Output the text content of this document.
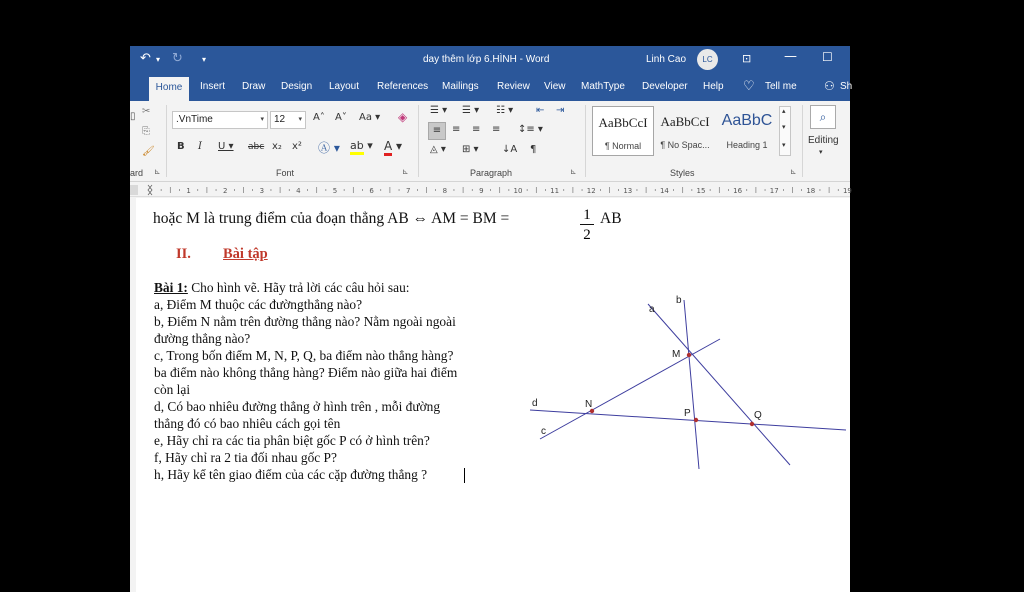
↶ ▾ ↻ ▾	day thêm lớp 6.HÌNH - Word	Linh Cao	LC	⊡	— ☐
Home	Insert Draw Design Layout References Mailings Review View MathType Developer Help ♡ Tell me ⚇ Sh
✂
⎘
🖌
▯
ard ⊾
.VnTime	▾	12 ▾ A˄ A˅ Aa ▾ ◈
B I U ▾ abc x₂ x² Ⓐ ▾ ab ▾ A ▾
Font	⊾
☰ ▾ ☰ ▾ ☷ ▾ ⇤ ⇥
≡	≡ ≡ ≡ ↕≡ ▾
◬ ▾ ⊞ ▾ ↓A ¶
Paragraph	⊾
AaBbCcI
¶ Normal
AaBbCcI
¶ No Spac...
AaBbC
Heading 1
▴
▾
▾
Styles	⊾
⌕
Editing
▾
1	2	3	4	5	6	7	8	9	10	11	12	13	14	15	16	17	18	19
hoặc M là trung điểm của đoạn thẳng AB ⇔ AM = BM =	AB
II. Bài tập
Bài 1: Cho hình vẽ. Hãy trả lời các câu hỏi sau:
a, Điểm M thuộc các đườngthẳng nào?
b, Điểm N nằm trên đường thẳng nào? Nằm ngoài ngoài
đường thẳng nào?
c, Trong bốn điểm M, N, P, Q, ba điểm nào thẳng hàng?
ba điểm nào không thẳng hàng? Điểm nào giữa hai điểm
còn lại
d, Có bao nhiêu đường thẳng ở hình trên , mỗi đường
thẳng đó có bao nhiêu cách gọi tên
e, Hãy chỉ ra các tia phân biệt gốc P có ở hình trên?
f, Hãy chỉ ra 2 tia đối nhau gốc P?
h, Hãy kể tên giao điểm của các cặp đường thẳng ?
$\frac{1}{2}$
a
b
c
d
M
N
P	Q
